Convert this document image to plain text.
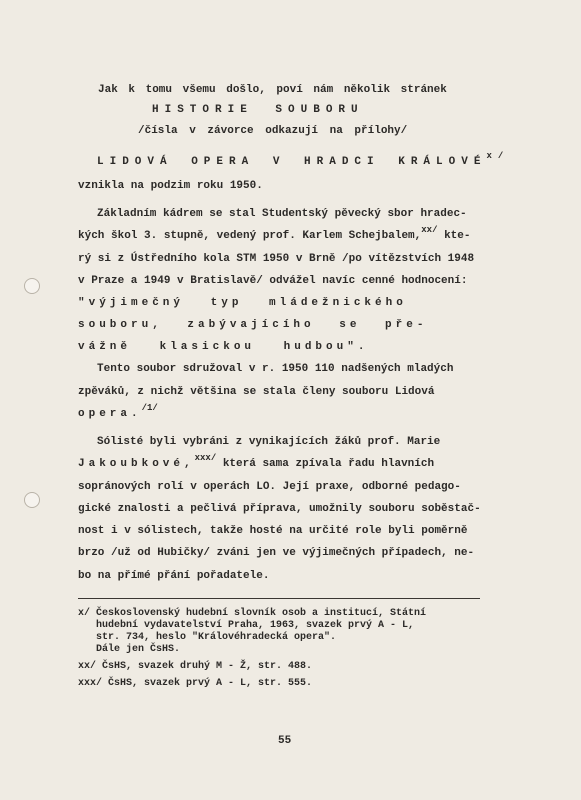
Jak k tomu všemu došlo, poví nám několik stránek
HISTORIE SOUBORU
/čísla v závorce odkazují na přílohy/
LIDOVÁ OPERA V HRADCI $KRÁLOVÉ^{x/}$
vznikla na podzim roku 1950.
Základním kádrem se stal Studentský pěvecký sbor hradec-
kých škol 3. stupně, vedený prof. Karlem Schejbalem,$^{xx/}$ kte-
rý si z Ústředního kola STM 1950 v Brně /po vítězstvích 1948
v Praze a 1949 v Bratislavě/ odvážel navíc cenné hodnocení:
"výjimečný typ mládežnického
souboru, zabývajícího se pře-
vážně klasickou hudbou".
Tento soubor sdružoval v r. 1950 110 nadšených mladých
zpěváků, z nichž většina se stala členy souboru Lidová
opera.$^{/1/}$
Sólisté byli vybráni z vynikajících žáků prof. Marie
Jakoubkové,$^{xxx/}$ která sama zpívala řadu hlavních
sopránových rolí v operách LO. Její praxe, odborné pedago-
gické znalosti a pečlivá příprava, umožnily souboru soběstač-
nost i v sólistech, takže hosté na určité role byli poměrně
brzo /už od Hubičky/ zváni jen ve výjimečných případech, ne-
bo na přímé přání pořadatele.
x/ Československý hudební slovník osob a institucí, Státní
hudební vydavatelství Praha, 1963, svazek prvý A - L,
str. 734, heslo "Královéhradecká opera".
Dále jen ČsHS.
xx/ ČsHS, svazek druhý M - Ž, str. 488.
xxx/ ČsHS, svazek prvý A - L, str. 555.
55
